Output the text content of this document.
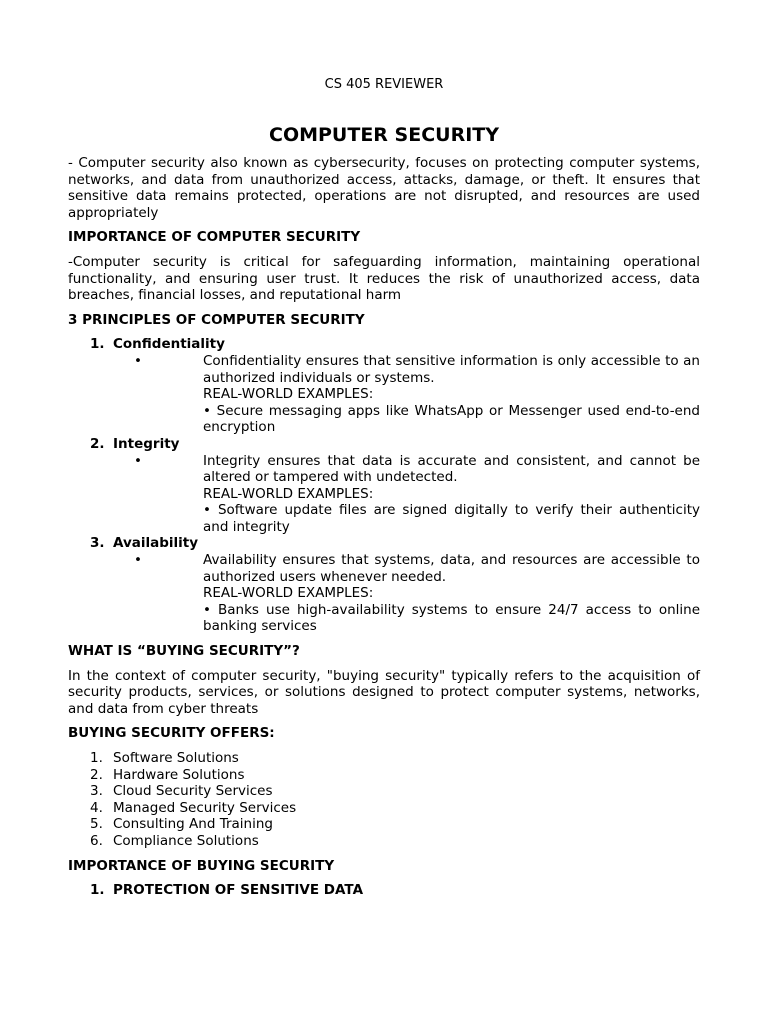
CS 405 REVIEWER
COMPUTER SECURITY

- Computer security also known as cybersecurity, focuses on protecting computer systems, networks, and data from unauthorized access, attacks, damage, or theft. It ensures that sensitive data remains protected, operations are not disrupted, and resources are used appropriately

IMPORTANCE OF COMPUTER SECURITY

-Computer security is critical for safeguarding information, maintaining operational functionality, and ensuring user trust. It reduces the risk of unauthorized access, data breaches, financial losses, and reputational harm

3 PRINCIPLES OF COMPUTER SECURITY
1. Confidentiality
•	Confidentiality ensures that sensitive information is only accessible to an authorized individuals or systems.

REAL-WORLD EXAMPLES:

• Secure messaging apps like WhatsApp or Messenger used end-to-end encryption

2. Integrity
•	Integrity ensures that data is accurate and consistent, and cannot be altered or tampered with undetected.

REAL-WORLD EXAMPLES:

• Software update files are signed digitally to verify their authenticity and integrity

3. Availability
•	Availability ensures that systems, data, and resources are accessible to authorized users whenever needed.

REAL-WORLD EXAMPLES:

• Banks use high-availability systems to ensure 24/7 access to online banking services

WHAT IS “BUYING SECURITY”?

In the context of computer security, "buying security" typically refers to the acquisition of security products, services, or solutions designed to protect computer systems, networks, and data from cyber threats

BUYING SECURITY OFFERS:
1. Software Solutions
2. Hardware Solutions
3. Cloud Security Services
4. Managed Security Services
5. Consulting And Training
6. Compliance Solutions
IMPORTANCE OF BUYING SECURITY
1. PROTECTION OF SENSITIVE DATA
